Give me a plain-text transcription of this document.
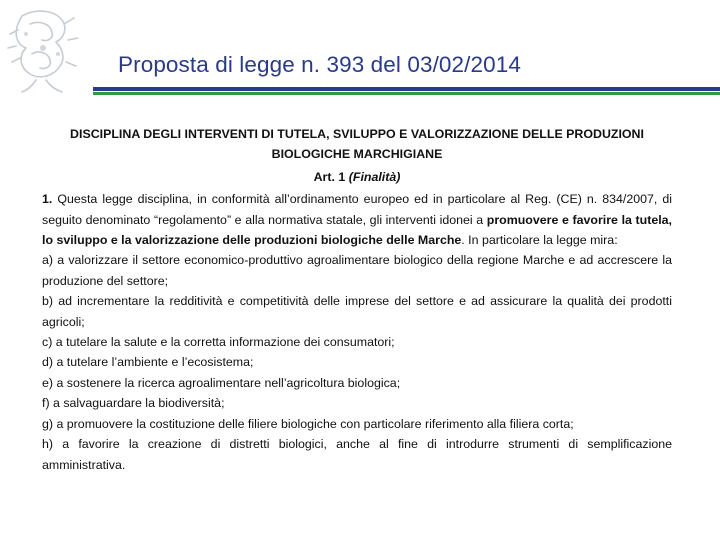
Proposta di legge n. 393 del 03/02/2014
DISCIPLINA DEGLI INTERVENTI DI TUTELA, SVILUPPO E VALORIZZAZIONE DELLE PRODUZIONI BIOLOGICHE MARCHIGIANE
Art. 1 (Finalità)
1. Questa legge disciplina, in conformità all’ordinamento europeo ed in particolare al Reg. (CE) n. 834/2007, di seguito denominato “regolamento” e alla normativa statale, gli interventi idonei a promuovere e favorire la tutela, lo sviluppo e la valorizzazione delle produzioni biologiche delle Marche. In particolare la legge mira:
a) a valorizzare il settore economico-produttivo agroalimentare biologico della regione Marche e ad accrescere la produzione del settore;
b) ad incrementare la redditività e competitività delle imprese del settore e ad assicurare la qualità dei prodotti agricoli;
c) a tutelare la salute e la corretta informazione dei consumatori;
d) a tutelare l’ambiente e l’ecosistema;
e) a sostenere la ricerca agroalimentare nell’agricoltura biologica;
f) a salvaguardare la biodiversità;
g) a promuovere la costituzione delle filiere biologiche con particolare riferimento alla filiera corta;
h) a favorire la creazione di distretti biologici, anche al fine di introdurre strumenti di semplificazione amministrativa.
